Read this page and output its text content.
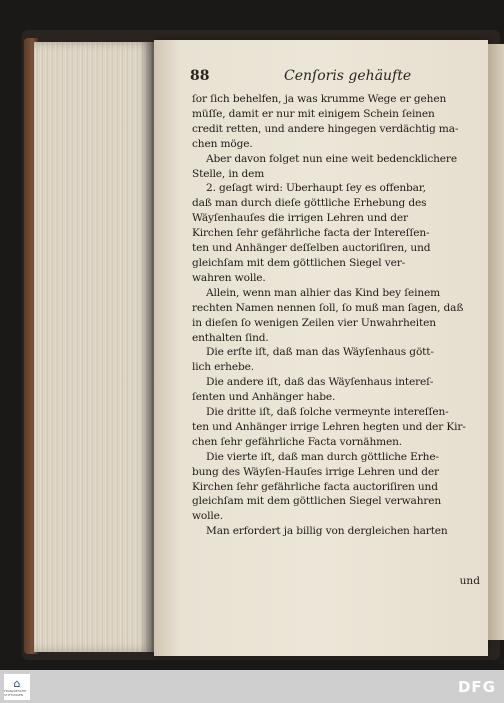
88	Cenſoris gehäufte
ſor ſich behelfen, ja was krumme Wege er gehen
müſſe, damit er nur mit einigem Schein ſeinen
credit retten, und andere hingegen verdächtig ma-
chen möge.
Aber davon folget nun eine weit bedencklichere
Stelle, in dem
2. geſagt wird: Uberhaupt ſey es offenbar,
daß man durch dieſe göttliche Erhebung des
Wäyſenhauſes die irrigen Lehren und der
Kirchen ſehr gefährliche facta der Intereſſen-
ten und Anhänger deſſelben auctoriſiren, und
gleichſam mit dem göttlichen Siegel ver-
wahren wolle.
Allein, wenn man alhier das Kind bey ſeinem
rechten Namen nennen ſoll, ſo muß man ſagen, daß
in dieſen ſo wenigen Zeilen vier Unwahrheiten
enthalten ſind.
Die erſte iſt, daß man das Wäyſenhaus gött-
lich erhebe.
Die andere iſt, daß das Wäyſenhaus intereſ-
ſenten und Anhänger habe.
Die dritte iſt, daß ſolche vermeynte intereſſen-
ten und Anhänger irrige Lehren hegten und der Kir-
chen ſehr gefährliche Facta vornähmen.
Die vierte iſt, daß man durch göttliche Erhe-
bung des Wäyſen-Hauſes irrige Lehren und der
Kirchen ſehr gefährliche facta auctoriſiren und
gleichſam mit dem göttlichen Siegel verwahren
wolle.
Man erfordert ja billig von dergleichen harten
und
⌂
FRANCKESCHE STIFTUNGEN	DFG
